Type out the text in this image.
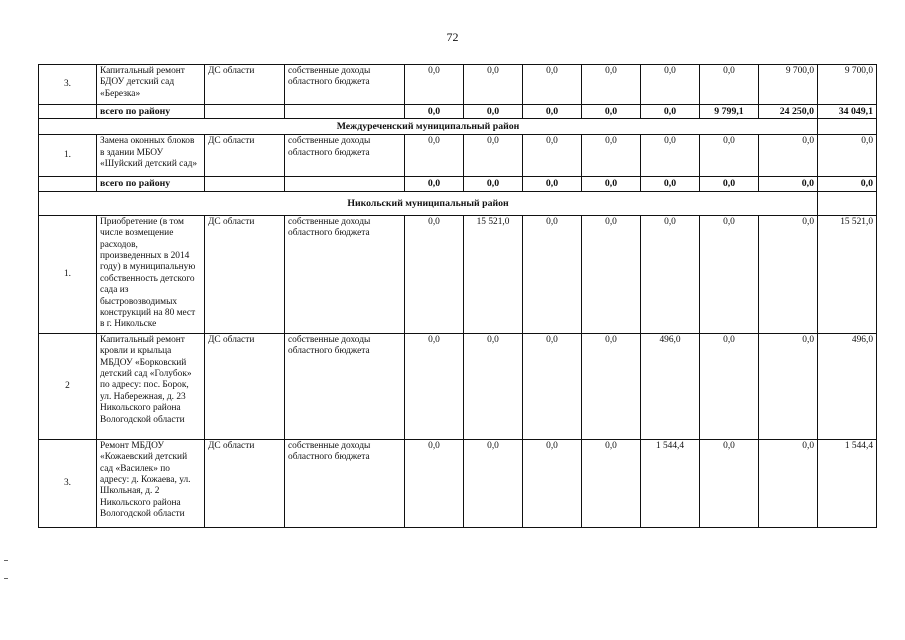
72
3.	Капитальный ремонт БДОУ детский сад «Березка»	ДС области	собственные доходы областного бюджета	0,0	0,0	0,0	0,0	0,0	0,0	9 700,0	9 700,0
	всего по району			0,0	0,0	0,0	0,0	0,0	9 799,1	24 250,0	34 049,1
Междуреченский муниципальный район											
1.	Замена оконных блоков в здании МБОУ «Шуйский детский сад»	ДС области	собственные доходы областного бюджета	0,0	0,0	0,0	0,0	0,0	0,0	0,0	0,0
	всего по району			0,0	0,0	0,0	0,0	0,0	0,0	0,0	0,0
Никольский муниципальный район											
1.	Приобретение (в том числе возмещение расходов, произведенных в 2014 году) в муниципальную собственность детского сада из быстровозводимых конструкций на 80 мест в г. Никольске	ДС области	собственные доходы областного бюджета	0,0	15 521,0	0,0	0,0	0,0	0,0	0,0	15 521,0
2	Капитальный ремонт кровли и крыльца МБДОУ «Борковский детский сад «Голубок» по адресу: пос. Борок, ул. Набережная, д. 23 Никольского района Вологодской области	ДС области	собственные доходы областного бюджета	0,0	0,0	0,0	0,0	496,0	0,0	0,0	496,0
3.	Ремонт МБДОУ «Кожаевский детский сад «Василек» по адресу: д. Кожаева, ул. Школьная, д. 2 Никольского района Вологодской области	ДС области	собственные доходы областного бюджета	0,0	0,0	0,0	0,0	1 544,4	0,0	0,0	1 544,4
